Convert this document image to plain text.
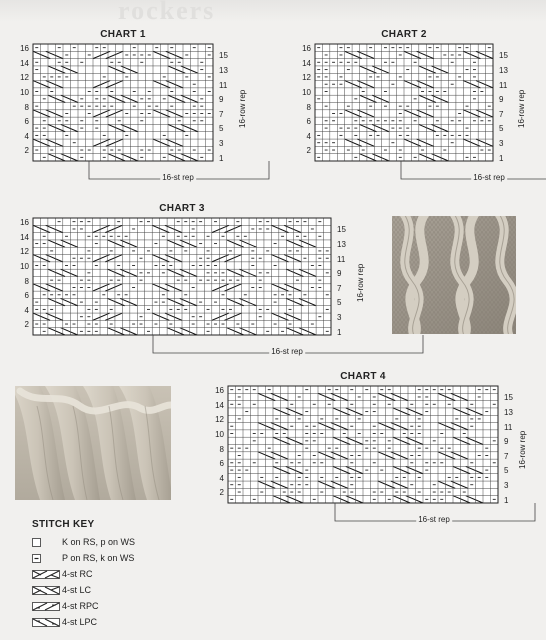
rockers
STITCH KEY
K on RS, p on WS
P on RS, k on WS
4-st RC
4-st LC
4-st RPC
4-st LPC
CHART 1
16
14
12
10
8
6
4
2
15
13
11
9
7
5
3
1
16-row rep
16-st rep
CHART 2
16
14
12
10
8
6
4
2
15
13
11
9
7
5
3
1
16-row rep
16-st rep
CHART 3
16
14
12
10
8
6
4
2
15
13
11
9
7
5
3
1
16-row rep
16-st rep
CHART 4
16
14
12
10
8
6
4
2
15
13
11
9
7
5
3
1
16-row rep
16-st rep
